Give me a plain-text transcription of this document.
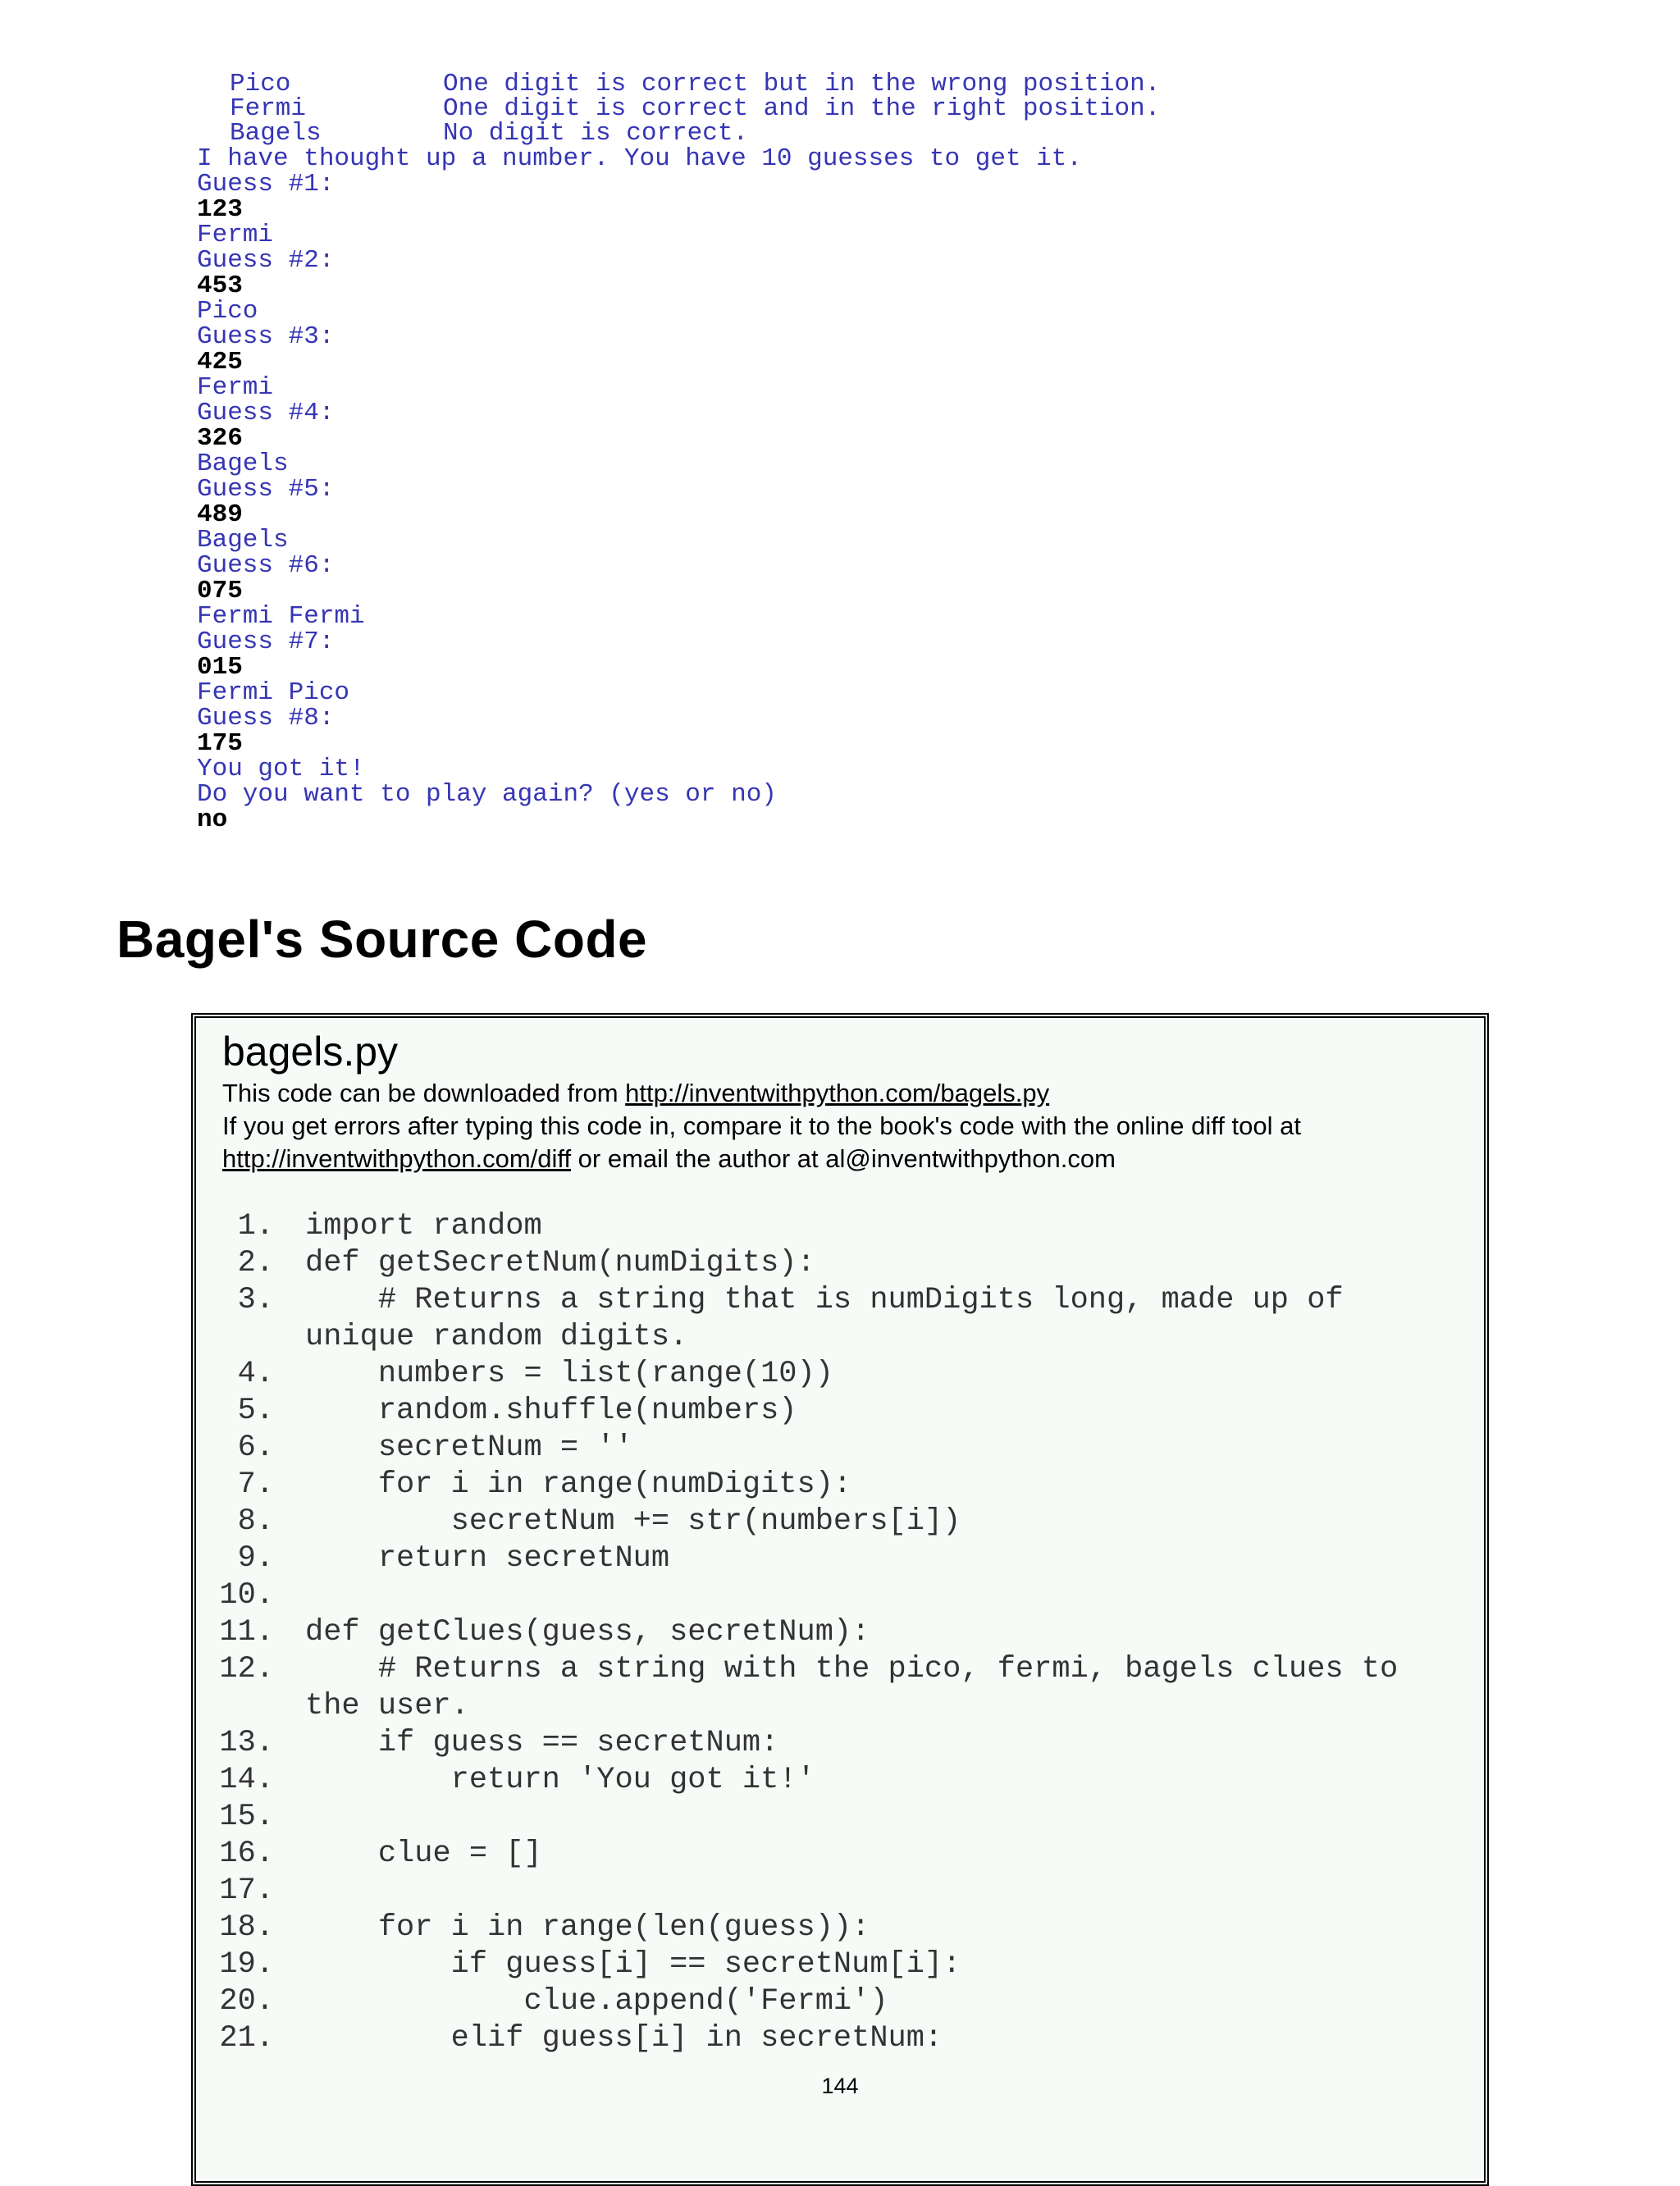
Pico	One digit is correct but in the wrong position.
Fermi	One digit is correct and in the right position.
Bagels	No digit is correct.
I have thought up a number. You have 10 guesses to get it.
Guess #1:
123
Fermi
Guess #2:
453
Pico
Guess #3:
425
Fermi
Guess #4:
326
Bagels
Guess #5:
489
Bagels
Guess #6:
075
Fermi Fermi
Guess #7:
015
Fermi Pico
Guess #8:
175
You got it!
Do you want to play again? (yes or no)
no
Bagel's Source Code
bagels.py
This code can be downloaded from http://inventwithpython.com/bagels.py
If you get errors after typing this code in, compare it to the book's code with the online diff tool at http://inventwithpython.com/diff or email the author at al@inventwithpython.com
1. import random
2. def getSecretNum(numDigits):
3. # Returns a string that is numDigits long, made up of unique random digits.
4. numbers = list(range(10))
5. random.shuffle(numbers)
6. secretNum = ''
7. for i in range(numDigits):
8. secretNum += str(numbers[i])
9. return secretNum
10.

11. def getClues(guess, secretNum):
12. # Returns a string with the pico, fermi, bagels clues to the user.
13. if guess == secretNum:
14. return 'You got it!'
15.

16. clue = []
17.

18. for i in range(len(guess)):
19. if guess[i] == secretNum[i]:
20. clue.append('Fermi')
21. elif guess[i] in secretNum:
144
